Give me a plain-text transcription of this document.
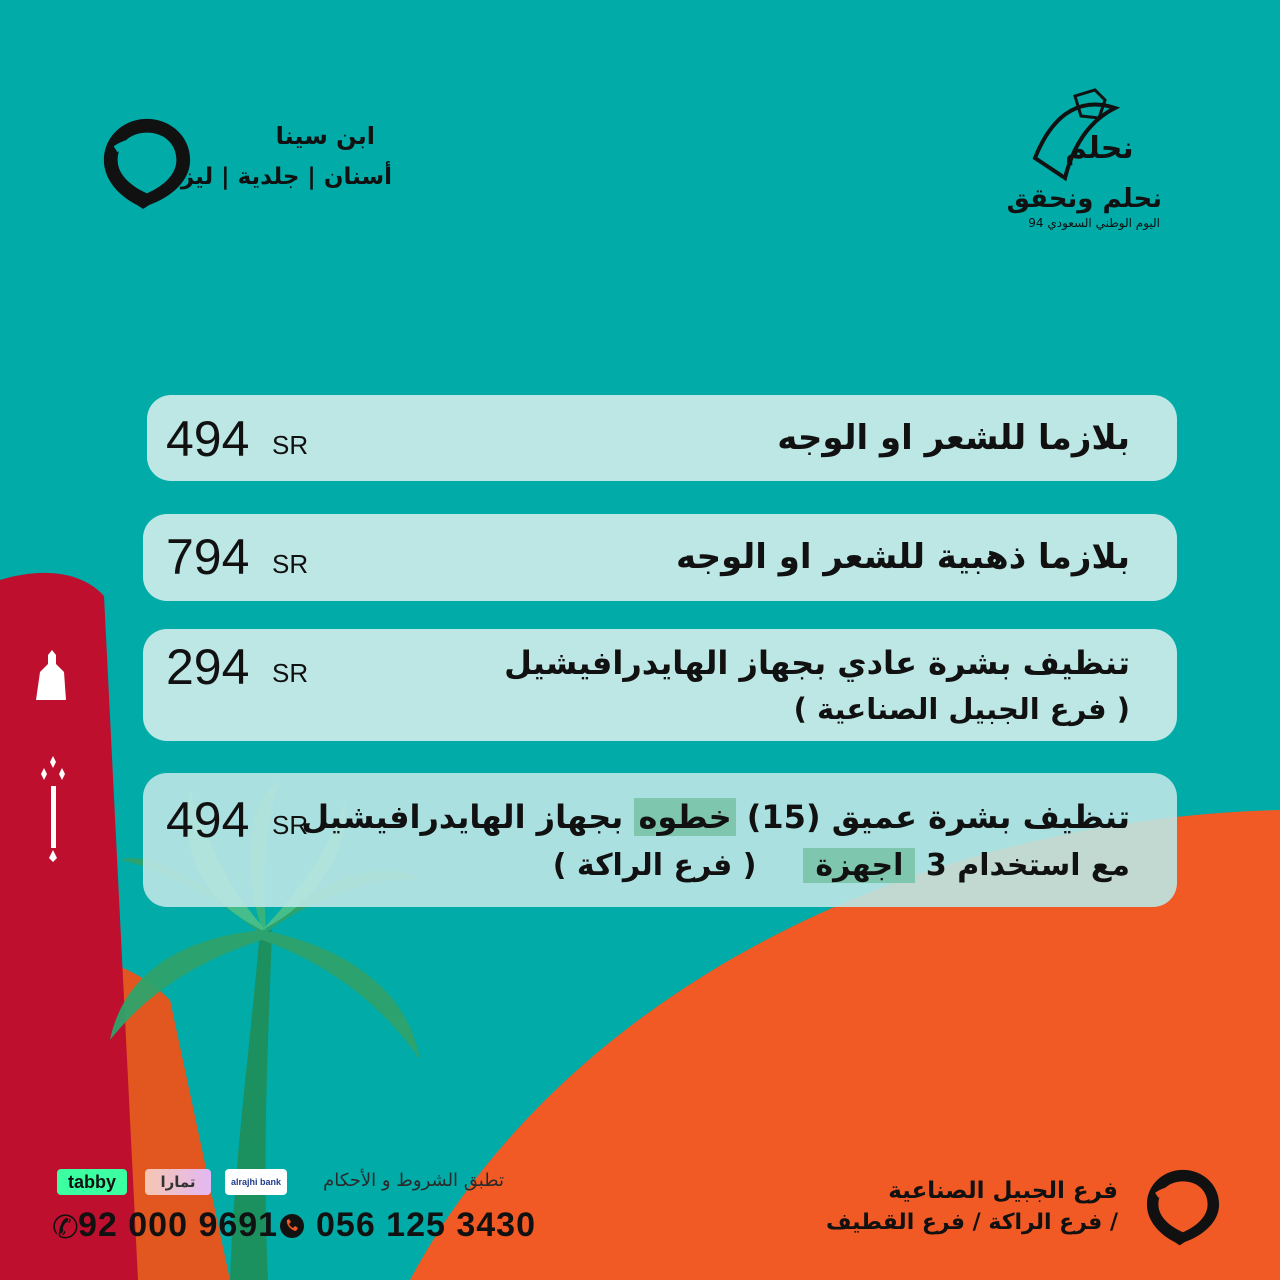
ابن سينا
أسنان | جلدية | ليزر
نحلم
نحلم ونحقق
اليوم الوطني السعودي 94
بلازما للشعر او الوجه
SR
494
بلازما ذهبية للشعر او الوجه
SR
794
تنظيف بشرة عادي بجهاز الهايدرافيشيل
( فرع الجبيل الصناعية )
SR
294
تنظيف بشرة عميق (15) خطوه بجهاز الهايدرافيشيل
مع استخدام 3 اجهزة  ( فرع الراكة )
SR
494
فرع الجبيل الصناعية
/ فرع الراكة / فرع القطيف
tabby	تمارا	alrajhi bank	تطبق الشروط و الأحكام
✆ 92 000 9691 056 125 3430
